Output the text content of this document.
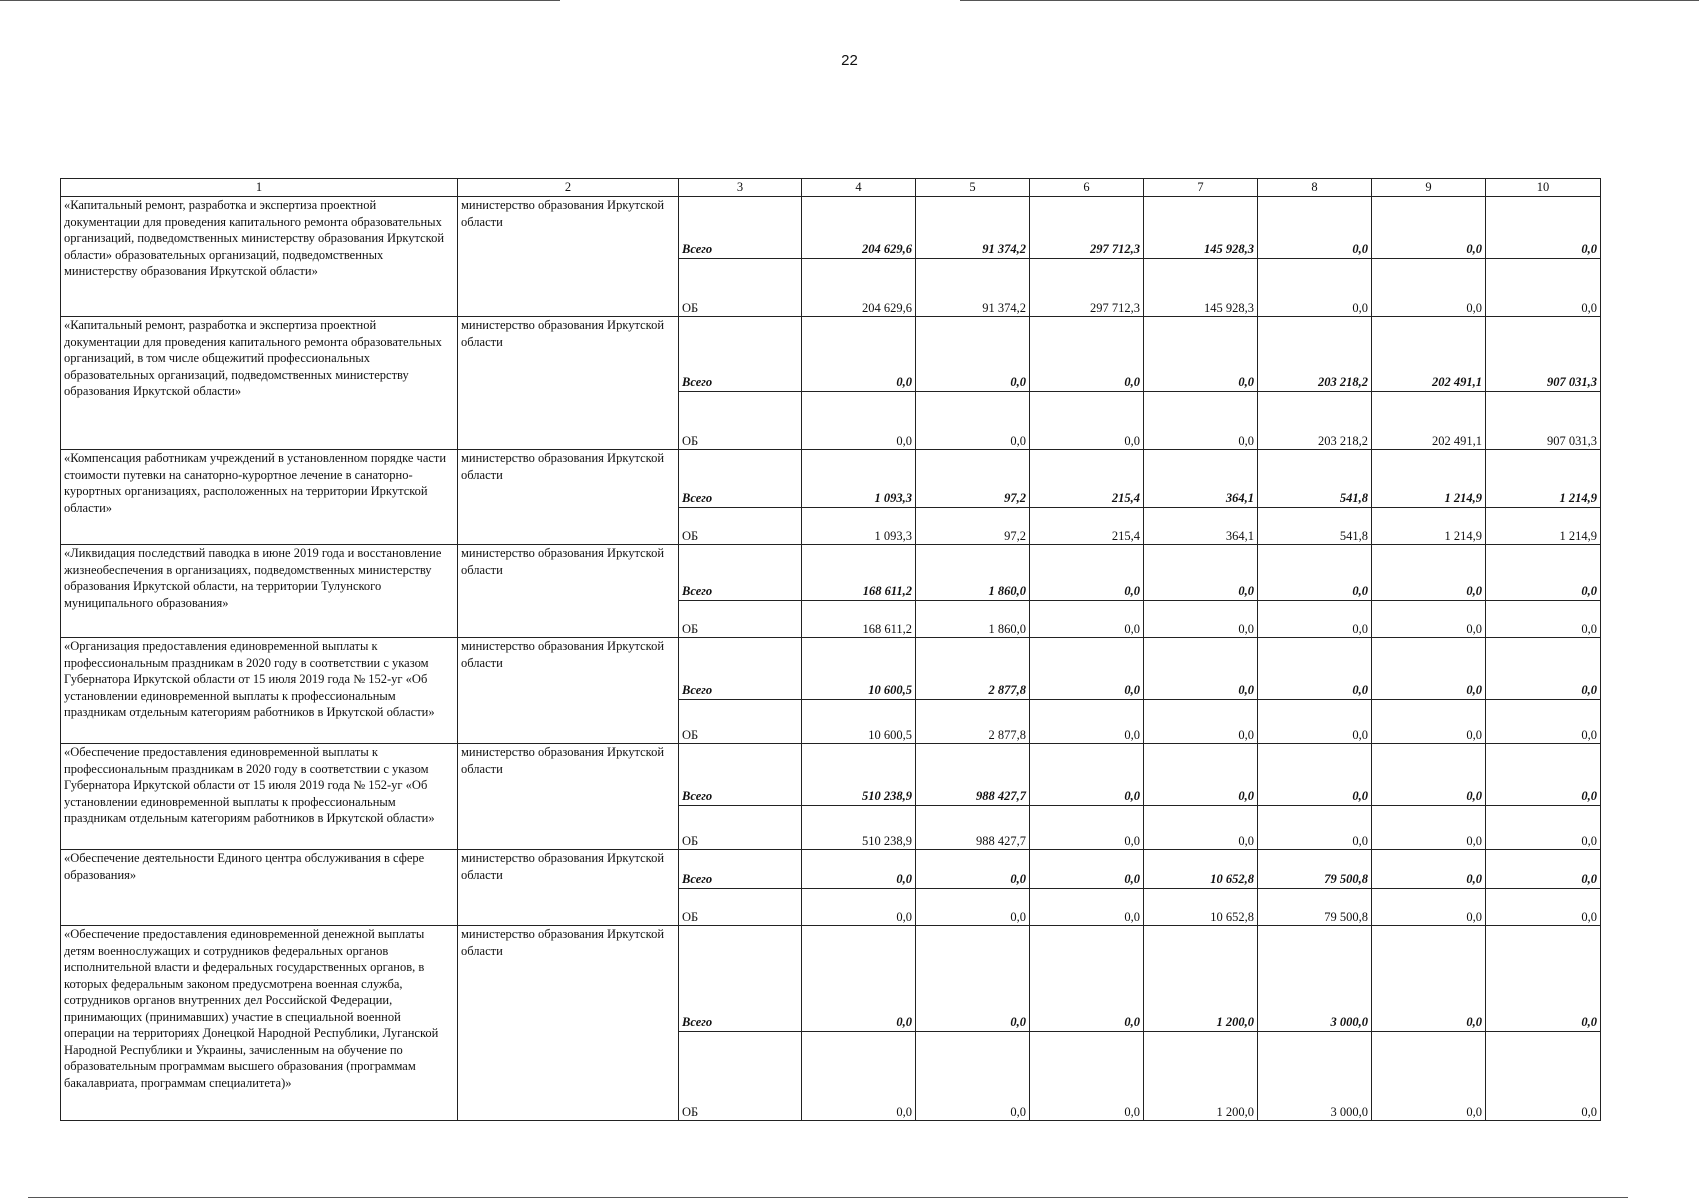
22
1	2	3	4	5	6	7	8	9	10
«Капитальный ремонт, разработка и экспертиза проектной документации для проведения капитального ремонта образовательных организаций, подведомственных министерству образования Иркутской области» образовательных организаций, подведомственных министерству образования Иркутской области»	министерство образования Иркутской области	Всего	204 629,6	91 374,2	297 712,3	145 928,3	0,0	0,0	0,0
		ОБ	204 629,6	91 374,2	297 712,3	145 928,3	0,0	0,0	0,0
«Капитальный ремонт, разработка и экспертиза проектной документации для проведения капитального ремонта образовательных организаций, в том числе общежитий профессиональных образовательных организаций, подведомственных министерству образования Иркутской области»	министерство образования Иркутской области	Всего	0,0	0,0	0,0	0,0	203 218,2	202 491,1	907 031,3
		ОБ	0,0	0,0	0,0	0,0	203 218,2	202 491,1	907 031,3
«Компенсация работникам учреждений в установленном порядке части стоимости путевки на санаторно-курортное лечение в санаторно-курортных организациях, расположенных на территории Иркутской области»	министерство образования Иркутской области	Всего	1 093,3	97,2	215,4	364,1	541,8	1 214,9	1 214,9
		ОБ	1 093,3	97,2	215,4	364,1	541,8	1 214,9	1 214,9
«Ликвидация последствий паводка в июне 2019 года и восстановление жизнеобеспечения в организациях, подведомственных министерству образования Иркутской области, на территории Тулунского муниципального образования»	министерство образования Иркутской области	Всего	168 611,2	1 860,0	0,0	0,0	0,0	0,0	0,0
		ОБ	168 611,2	1 860,0	0,0	0,0	0,0	0,0	0,0
«Организация предоставления единовременной выплаты к профессиональным праздникам в 2020 году в соответствии с указом Губернатора Иркутской области от 15 июля 2019 года № 152-уг «Об установлении единовременной выплаты к профессиональным праздникам отдельным категориям работников в Иркутской области»	министерство образования Иркутской области	Всего	10 600,5	2 877,8	0,0	0,0	0,0	0,0	0,0
		ОБ	10 600,5	2 877,8	0,0	0,0	0,0	0,0	0,0
«Обеспечение предоставления единовременной выплаты к профессиональным праздникам в 2020 году в соответствии с указом Губернатора Иркутской области от 15 июля 2019 года № 152-уг «Об установлении единовременной выплаты к профессиональным праздникам отдельным категориям работников в Иркутской области»	министерство образования Иркутской области	Всего	510 238,9	988 427,7	0,0	0,0	0,0	0,0	0,0
		ОБ	510 238,9	988 427,7	0,0	0,0	0,0	0,0	0,0
«Обеспечение деятельности Единого центра обслуживания в сфере образования»	министерство образования Иркутской области	Всего	0,0	0,0	0,0	10 652,8	79 500,8	0,0	0,0
		ОБ	0,0	0,0	0,0	10 652,8	79 500,8	0,0	0,0
«Обеспечение предоставления единовременной денежной выплаты детям военнослужащих и сотрудников федеральных органов исполнительной власти и федеральных государственных органов, в которых федеральным законом предусмотрена военная служба, сотрудников органов внутренних дел Российской Федерации, принимающих (принимавших) участие в специальной военной операции на территориях Донецкой Народной Республики, Луганской Народной Республики и Украины, зачисленным на обучение по образовательным программам высшего образования (программам бакалавриата, программам специалитета)»	министерство образования Иркутской области	Всего	0,0	0,0	0,0	1 200,0	3 000,0	0,0	0,0
		ОБ	0,0	0,0	0,0	1 200,0	3 000,0	0,0	0,0
